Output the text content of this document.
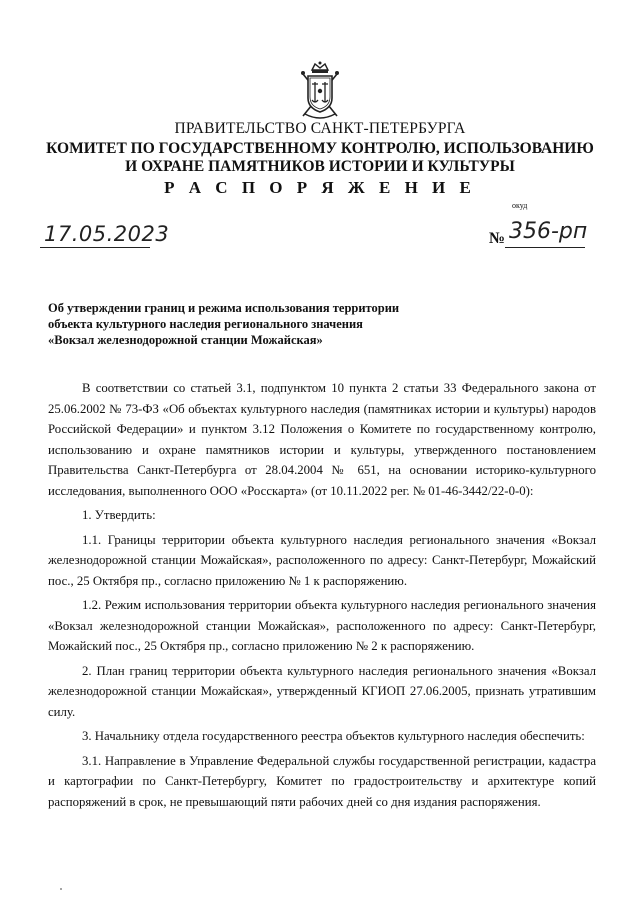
ПРАВИТЕЛЬСТВО САНКТ-ПЕТЕРБУРГА
КОМИТЕТ ПО ГОСУДАРСТВЕННОМУ КОНТРОЛЮ, ИСПОЛЬЗОВАНИЮ
И ОХРАНЕ ПАМЯТНИКОВ ИСТОРИИ И КУЛЬТУРЫ
Р А С П О Р Я Ж Е Н И Е
окуд
17.05.2023	№ 356-рп
Об утверждении границ и режима использования территории
объекта культурного наследия регионального значения
«Вокзал железнодорожной станции Можайская»

В соответствии со статьей 3.1, подпунктом 10 пункта 2 статьи 33 Федерального закона от 25.06.2002 № 73-ФЗ «Об объектах культурного наследия (памятниках истории и культуры) народов Российской Федерации» и пунктом 3.12 Положения о Комитете по государственному контролю, использованию и охране памятников истории и культуры, утвержденного постановлением Правительства Санкт-Петербурга от 28.04.2004 № 651, на основании историко-культурного исследования, выполненного ООО «Росскарта» (от 10.11.2022 рег. № 01-46-3442/22-0-0):

1. Утвердить:

1.1. Границы территории объекта культурного наследия регионального значения «Вокзал железнодорожной станции Можайская», расположенного по адресу: Санкт-Петербург, Можайский пос., 25 Октября пр., согласно приложению № 1 к распоряжению.

1.2. Режим использования территории объекта культурного наследия регионального значения «Вокзал железнодорожной станции Можайская», расположенного по адресу: Санкт-Петербург, Можайский пос., 25 Октября пр., согласно приложению № 2 к распоряжению.

2. План границ территории объекта культурного наследия регионального значения «Вокзал железнодорожной станции Можайская», утвержденный КГИОП 27.06.2005, признать утратившим силу.

3. Начальнику отдела государственного реестра объектов культурного наследия обеспечить:

3.1. Направление в Управление Федеральной службы государственной регистрации, кадастра и картографии по Санкт-Петербургу, Комитет по градостроительству и архитектуре копий распоряжений в срок, не превышающий пяти рабочих дней со дня издания распоряжения.
